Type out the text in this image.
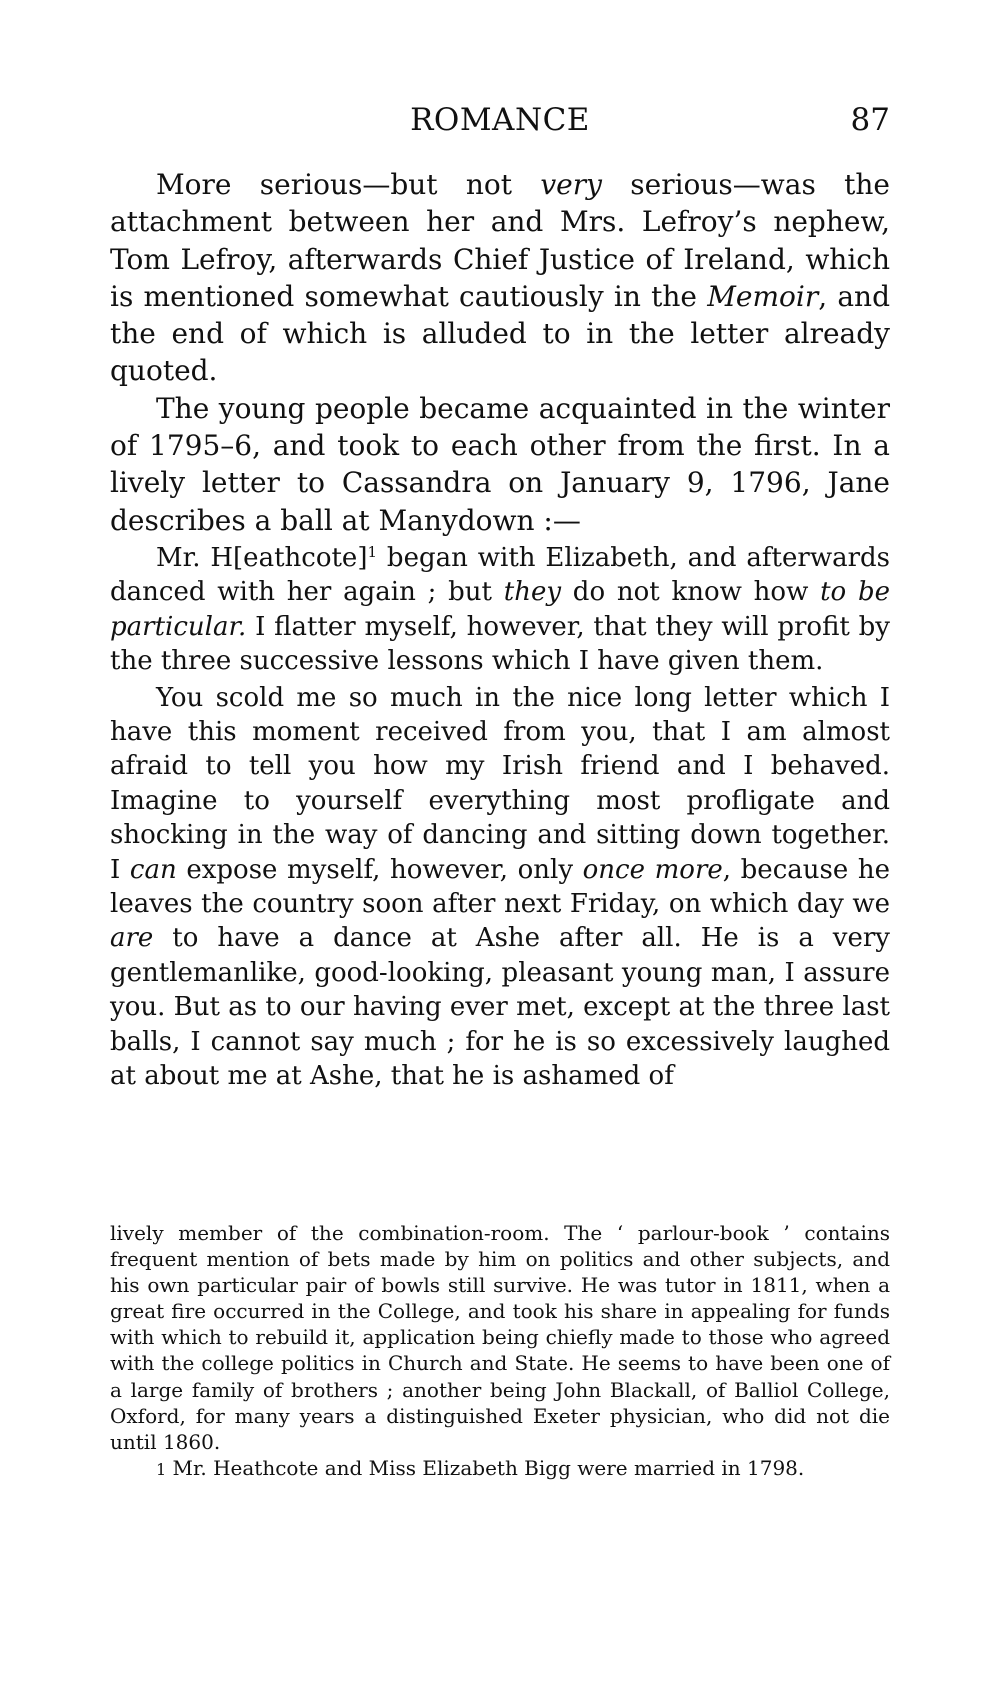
ROMANCE	87

More serious—but not very serious—was the attachment between her and Mrs. Lefroy’s nephew, Tom Lefroy, afterwards Chief Justice of Ireland, which is mentioned somewhat cautiously in the Memoir, and the end of which is alluded to in the letter already quoted.

The young people became acquainted in the winter of 1795–6, and took to each other from the first. In a lively letter to Cassandra on January 9, 1796, Jane describes a ball at Manydown :—

Mr. H[eathcote]$^1$ began with Elizabeth, and afterwards danced with her again ; but they do not know how to be particular. I flatter myself, however, that they will profit by the three successive lessons which I have given them.

You scold me so much in the nice long letter which I have this moment received from you, that I am almost afraid to tell you how my Irish friend and I behaved. Imagine to yourself everything most profligate and shocking in the way of dancing and sitting down together. I can expose myself, however, only once more, because he leaves the country soon after next Friday, on which day we are to have a dance at Ashe after all. He is a very gentlemanlike, good-looking, pleasant young man, I assure you. But as to our having ever met, except at the three last balls, I cannot say much ; for he is so excessively laughed at about me at Ashe, that he is ashamed of

lively member of the combination-room. The ‘ parlour-book ’ contains frequent mention of bets made by him on politics and other subjects, and his own particular pair of bowls still survive. He was tutor in 1811, when a great fire occurred in the College, and took his share in appealing for funds with which to rebuild it, application being chiefly made to those who agreed with the college politics in Church and State. He seems to have been one of a large family of brothers ; another being John Blackall, of Balliol College, Oxford, for many years a distinguished Exeter physician, who did not die until 1860.

1 Mr. Heathcote and Miss Elizabeth Bigg were married in 1798.
